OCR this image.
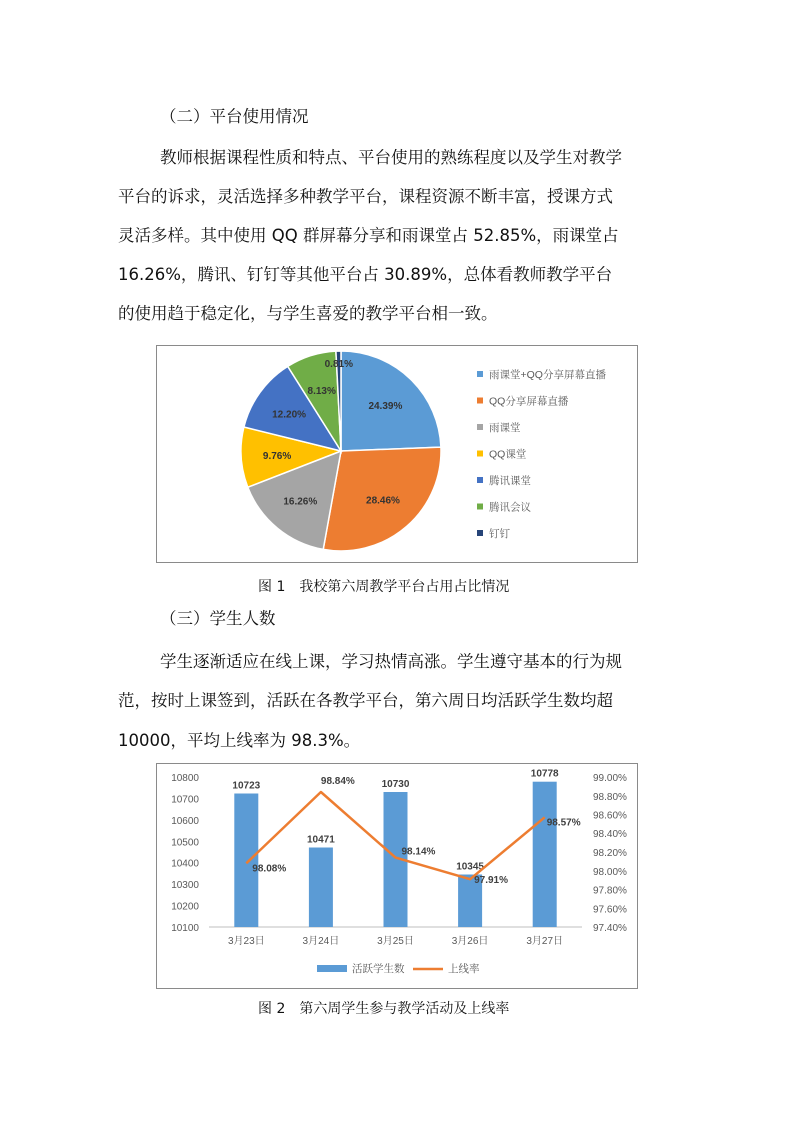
（二）平台使用情况
教师根据课程性质和特点、平台使用的熟练程度以及学生对教学
平台的诉求，灵活选择多种教学平台，课程资源不断丰富，授课方式
灵活多样。其中使用 QQ 群屏幕分享和雨课堂占 52.85%，雨课堂占
16.26%，腾讯、钉钉等其他平台占 30.89%，总体看教师教学平台
的使用趋于稳定化，与学生喜爱的教学平台相一致。
24.39%
28.46%
16.26%
9.76%
12.20%
8.13%
0.81%
雨课堂+QQ分享屏幕直播
QQ分享屏幕直播
雨课堂
QQ课堂
腾讯课堂
腾讯会议
钉钉
图 1　我校第六周教学平台占用占比情况
（三）学生人数
学生逐渐适应在线上课，学习热情高涨。学生遵守基本的行为规
范，按时上课签到，活跃在各教学平台，第六周日均活跃学生数均超
10000，平均上线率为 98.3%。
10800
10700
10600
10500
10400
10300
10200
10100
99.00%
98.80%
98.60%
98.40%
98.20%
98.00%
97.80%
97.60%
97.40%
3月23日	3月24日	3月25日	3月26日	3月27日
10723
10471
10730
10345
10778
98.08%
98.84%
98.14%
97.91%
98.57%
活跃学生数	上线率
图 2　第六周学生参与教学活动及上线率
